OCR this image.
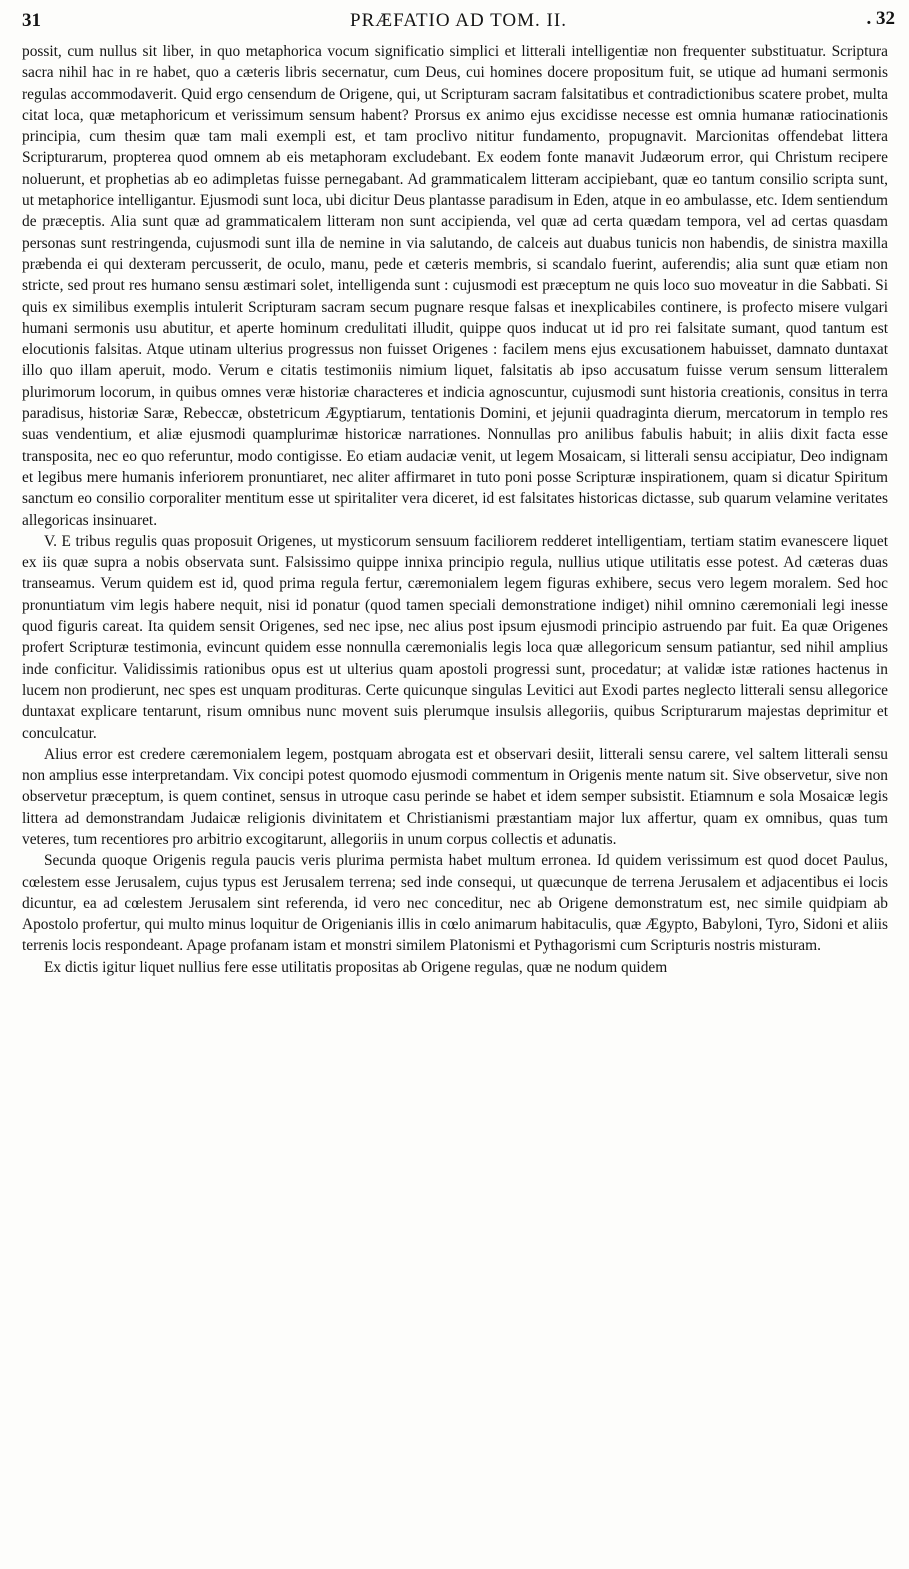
31	PRÆFATIO AD TOM. II.	. 32

possit, cum nullus sit liber, in quo metaphorica vocum significatio simplici et litterali intelligentiæ non frequenter substituatur. Scriptura sacra nihil hac in re habet, quo a cæteris libris secernatur, cum Deus, cui homines docere propositum fuit, se utique ad humani sermonis regulas accommodaverit. Quid ergo censendum de Origene, qui, ut Scripturam sacram falsitatibus et contradictionibus scatere probet, multa citat loca, quæ metaphoricum et verissimum sensum habent? Prorsus ex animo ejus excidisse necesse est omnia humanæ ratiocinationis principia, cum thesim quæ tam mali exempli est, et tam proclivo nititur fundamento, propugnavit. Marcionitas offendebat littera Scripturarum, propterea quod omnem ab eis metaphoram excludebant. Ex eodem fonte manavit Judæorum error, qui Christum recipere noluerunt, et prophetias ab eo adimpletas fuisse pernegabant. Ad grammaticalem litteram accipiebant, quæ eo tantum consilio scripta sunt, ut metaphorice intelligantur. Ejusmodi sunt loca, ubi dicitur Deus plantasse paradisum in Eden, atque in eo ambulasse, etc. Idem sentiendum de præceptis. Alia sunt quæ ad grammaticalem litteram non sunt accipienda, vel quæ ad certa quædam tempora, vel ad certas quasdam personas sunt restringenda, cujusmodi sunt illa de nemine in via salutando, de calceis aut duabus tunicis non habendis, de sinistra maxilla præbenda ei qui dexteram percusserit, de oculo, manu, pede et cæteris membris, si scandalo fuerint, auferendis; alia sunt quæ etiam non stricte, sed prout res humano sensu æstimari solet, intelligenda sunt : cujusmodi est præceptum ne quis loco suo moveatur in die Sabbati. Si quis ex similibus exemplis intulerit Scripturam sacram secum pugnare resque falsas et inexplicabiles continere, is profecto misere vulgari humani sermonis usu abutitur, et aperte hominum credulitati illudit, quippe quos inducat ut id pro rei falsitate sumant, quod tantum est elocutionis falsitas. Atque utinam ulterius progressus non fuisset Origenes : facilem mens ejus excusationem habuisset, damnato duntaxat illo quo illam aperuit, modo. Verum e citatis testimoniis nimium liquet, falsitatis ab ipso accusatum fuisse verum sensum litteralem plurimorum locorum, in quibus omnes veræ historiæ characteres et indicia agnoscuntur, cujusmodi sunt historia creationis, consitus in terra paradisus, historiæ Saræ, Rebeccæ, obstetricum Ægyptiarum, tentationis Domini, et jejunii quadraginta dierum, mercatorum in templo res suas vendentium, et aliæ ejusmodi quamplurimæ historicæ narrationes. Nonnullas pro anilibus fabulis habuit; in aliis dixit facta esse transposita, nec eo quo referuntur, modo contigisse. Eo etiam audaciæ venit, ut legem Mosaicam, si litterali sensu accipiatur, Deo indignam et legibus mere humanis inferiorem pronuntiaret, nec aliter affirmaret in tuto poni posse Scripturæ inspirationem, quam si dicatur Spiritum sanctum eo consilio corporaliter mentitum esse ut spiritaliter vera diceret, id est falsitates historicas dictasse, sub quarum velamine veritates allegoricas insinuaret.

V. E tribus regulis quas proposuit Origenes, ut mysticorum sensuum faciliorem redderet intelligentiam, tertiam statim evanescere liquet ex iis quæ supra a nobis observata sunt. Falsissimo quippe innixa principio regula, nullius utique utilitatis esse potest. Ad cæteras duas transeamus. Verum quidem est id, quod prima regula fertur, cæremonialem legem figuras exhibere, secus vero legem moralem. Sed hoc pronuntiatum vim legis habere nequit, nisi id ponatur (quod tamen speciali demonstratione indiget) nihil omnino cæremoniali legi inesse quod figuris careat. Ita quidem sensit Origenes, sed nec ipse, nec alius post ipsum ejusmodi principio astruendo par fuit. Ea quæ Origenes profert Scripturæ testimonia, evincunt quidem esse nonnulla cæremonialis legis loca quæ allegoricum sensum patiantur, sed nihil amplius inde conficitur. Validissimis rationibus opus est ut ulterius quam apostoli progressi sunt, procedatur; at validæ istæ rationes hactenus in lucem non prodierunt, nec spes est unquam prodituras. Certe quicunque singulas Levitici aut Exodi partes neglecto litterali sensu allegorice duntaxat explicare tentarunt, risum omnibus nunc movent suis plerumque insulsis allegoriis, quibus Scripturarum majestas deprimitur et conculcatur.

Alius error est credere cæremonialem legem, postquam abrogata est et observari desiit, litterali sensu carere, vel saltem litterali sensu non amplius esse interpretandam. Vix concipi potest quomodo ejusmodi commentum in Origenis mente natum sit. Sive observetur, sive non observetur præceptum, is quem continet, sensus in utroque casu perinde se habet et idem semper subsistit. Etiamnum e sola Mosaicæ legis littera ad demonstrandam Judaicæ religionis divinitatem et Christianismi præstantiam major lux affertur, quam ex omnibus, quas tum veteres, tum recentiores pro arbitrio excogitarunt, allegoriis in unum corpus collectis et adunatis.

Secunda quoque Origenis regula paucis veris plurima permista habet multum erronea. Id quidem verissimum est quod docet Paulus, cœlestem esse Jerusalem, cujus typus est Jerusalem terrena; sed inde consequi, ut quæcunque de terrena Jerusalem et adjacentibus ei locis dicuntur, ea ad cœlestem Jerusalem sint referenda, id vero nec conceditur, nec ab Origene demonstratum est, nec simile quidpiam ab Apostolo profertur, qui multo minus loquitur de Origenianis illis in cœlo animarum habitaculis, quæ Ægypto, Babyloni, Tyro, Sidoni et aliis terrenis locis respondeant. Apage profanam istam et monstri similem Platonismi et Pythagorismi cum Scripturis nostris misturam.

Ex dictis igitur liquet nullius fere esse utilitatis propositas ab Origene regulas, quæ ne nodum quidem
